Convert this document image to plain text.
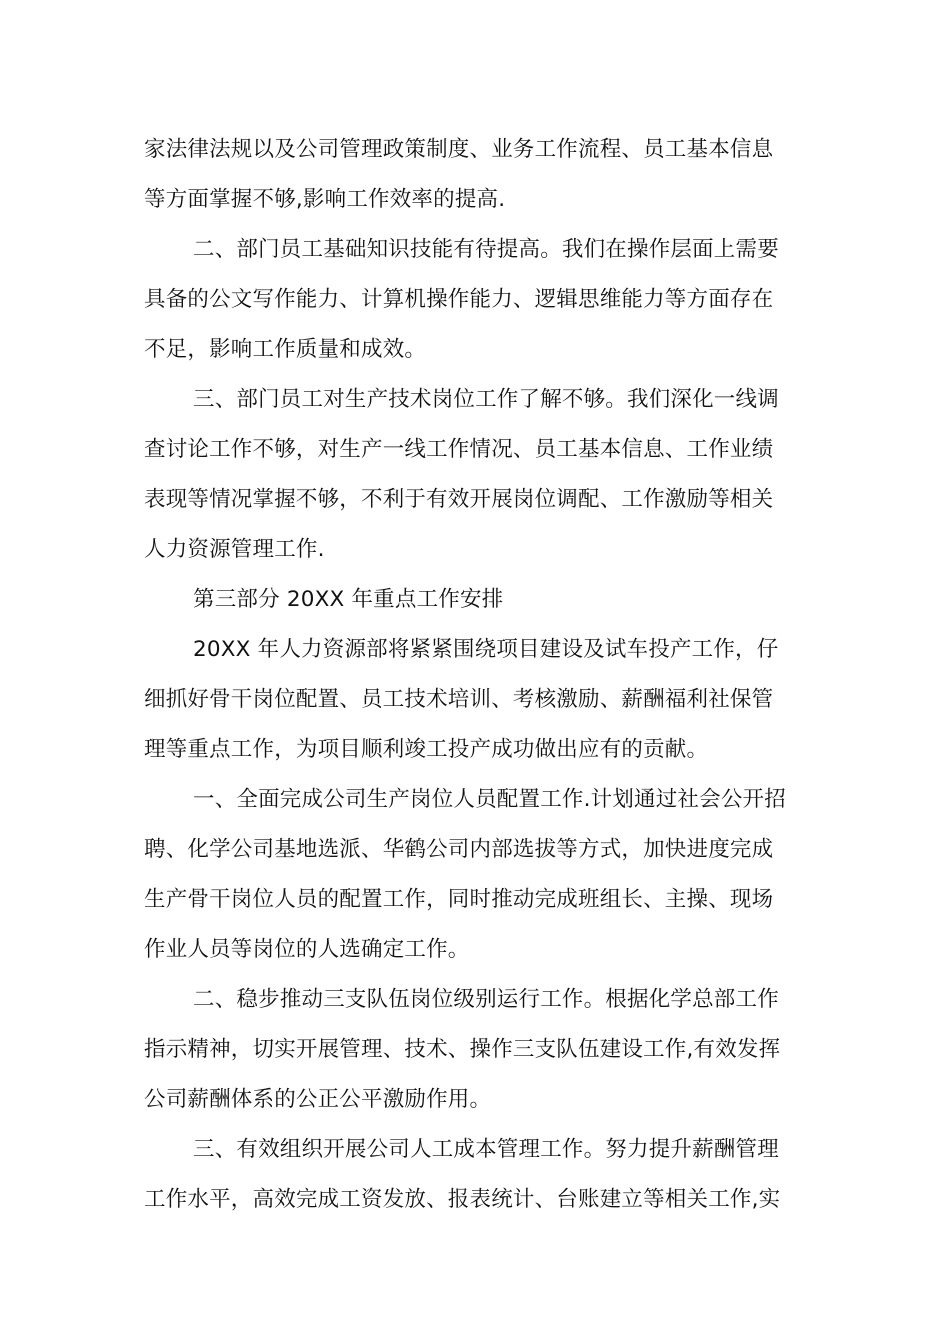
家法律法规以及公司管理政策制度、业务工作流程、员工基本信息
等方面掌握不够,影响工作效率的提高.
二、部门员工基础知识技能有待提高。我们在操作层面上需要
具备的公文写作能力、计算机操作能力、逻辑思维能力等方面存在
不足，影响工作质量和成效。
三、部门员工对生产技术岗位工作了解不够。我们深化一线调
查讨论工作不够，对生产一线工作情况、员工基本信息、工作业绩
表现等情况掌握不够，不利于有效开展岗位调配、工作激励等相关
人力资源管理工作.
第三部分 20XX 年重点工作安排
20XX 年人力资源部将紧紧围绕项目建设及试车投产工作，仔
细抓好骨干岗位配置、员工技术培训、考核激励、薪酬福利社保管
理等重点工作，为项目顺利竣工投产成功做出应有的贡献。
一、全面完成公司生产岗位人员配置工作.计划通过社会公开招
聘、化学公司基地选派、华鹤公司内部选拔等方式，加快进度完成
生产骨干岗位人员的配置工作，同时推动完成班组长、主操、现场
作业人员等岗位的人选确定工作。
二、稳步推动三支队伍岗位级别运行工作。根据化学总部工作
指示精神，切实开展管理、技术、操作三支队伍建设工作,有效发挥
公司薪酬体系的公正公平激励作用。
三、有效组织开展公司人工成本管理工作。努力提升薪酬管理
工作水平，高效完成工资发放、报表统计、台账建立等相关工作,实
